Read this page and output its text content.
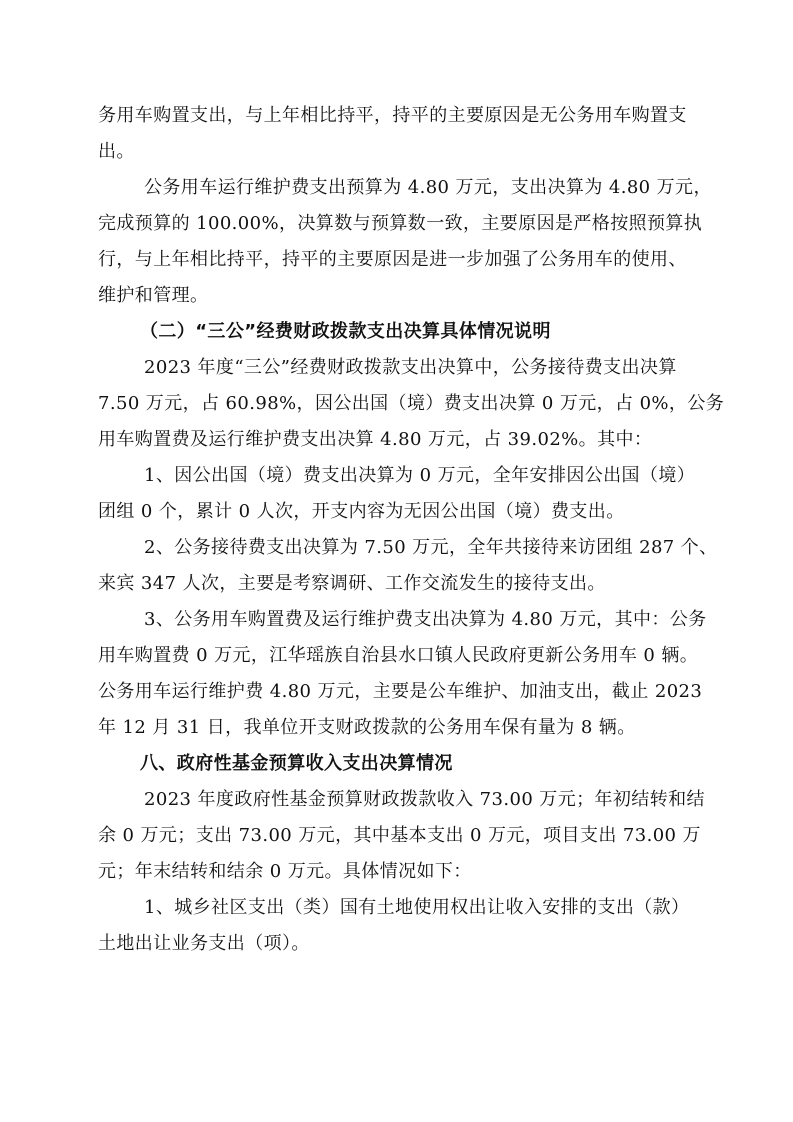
务用车购置支出，与上年相比持平，持平的主要原因是无公务用车购置支
出。
公务用车运行维护费支出预算为 4.80 万元，支出决算为 4.80 万元，
完成预算的 100.00%，决算数与预算数一致，主要原因是严格按照预算执
行，与上年相比持平，持平的主要原因是进一步加强了公务用车的使用、
维护和管理。
（二）“三公”经费财政拨款支出决算具体情况说明
2023 年度“三公”经费财政拨款支出决算中，公务接待费支出决算
7.50 万元，占 60.98%，因公出国（境）费支出决算 0 万元，占 0%，公务
用车购置费及运行维护费支出决算 4.80 万元，占 39.02%。其中：
1、因公出国（境）费支出决算为 0 万元，全年安排因公出国（境）
团组 0 个，累计 0 人次，开支内容为无因公出国（境）费支出。
2、公务接待费支出决算为 7.50 万元，全年共接待来访团组 287 个、
来宾 347 人次，主要是考察调研、工作交流发生的接待支出。
3、公务用车购置费及运行维护费支出决算为 4.80 万元，其中：公务
用车购置费 0 万元，江华瑶族自治县水口镇人民政府更新公务用车 0 辆。
公务用车运行维护费 4.80 万元，主要是公车维护、加油支出，截止 2023
年 12 月 31 日，我单位开支财政拨款的公务用车保有量为 8 辆。
八、政府性基金预算收入支出决算情况
2023 年度政府性基金预算财政拨款收入 73.00 万元；年初结转和结
余 0 万元；支出 73.00 万元，其中基本支出 0 万元，项目支出 73.00 万
元；年末结转和结余 0 万元。具体情况如下：
1、城乡社区支出（类）国有土地使用权出让收入安排的支出（款）
土地出让业务支出（项）。
